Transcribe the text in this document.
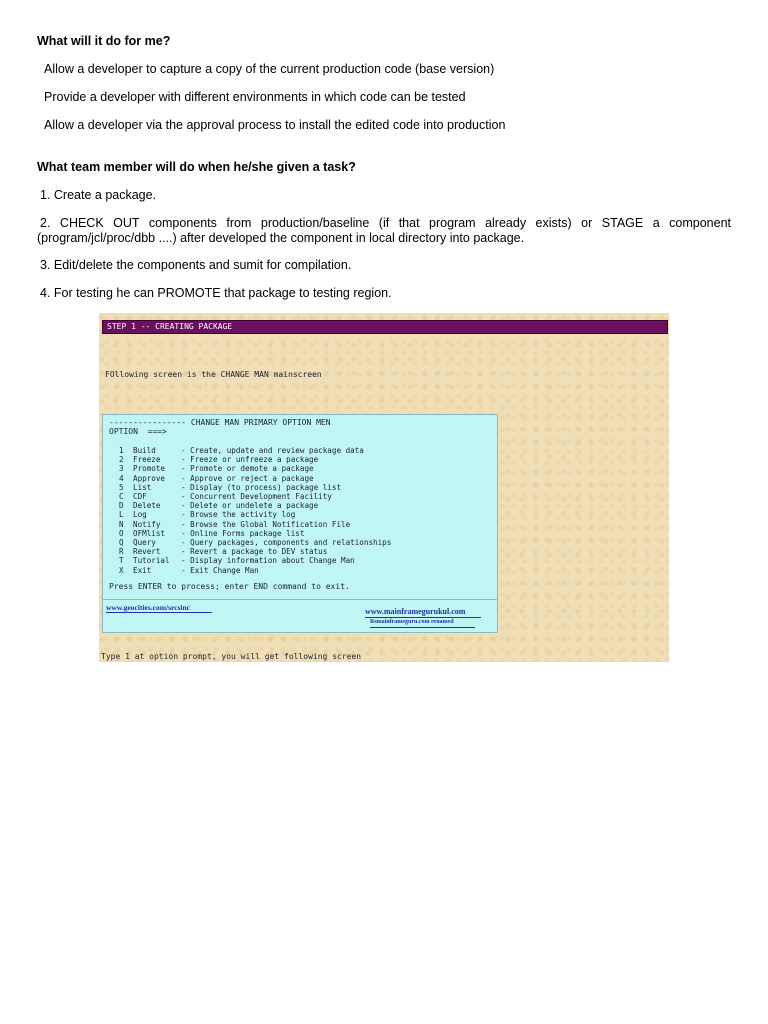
What will it do for me?
Allow a developer to capture a copy of the current production code (base version)
Provide a developer with different environments in which code can be tested
Allow a developer via the approval process to install the edited code into production
What team member will do when he/she given a task?
1. Create a package.
2. CHECK OUT components from production/baseline (if that program already exists) or STAGE a component (program/jcl/proc/dbb ....) after developed the component in local directory into package.
3. Edit/delete the components and sumit for compilation.
4. For testing he can PROMOTE that package to testing region.
STEP 1 -- CREATING PACKAGE
FOllowing screen is the CHANGE MAN mainscreen
---------------- CHANGE MAN PRIMARY OPTION MEN
OPTION  ===>
1	Build	- Create, update and review package data
2	Freeze	- Freeze or unfreeze a package
3	Promote	- Promote or demote a package
4	Approve	- Approve or reject a package
5	List	- Display (to process) package list
C	CDF	- Concurrent Development Facility
D	Delete	- Delete or undelete a package
L	Log	- Browse the activity log
N	Notify	- Browse the Global Notification File
O	OFMlist	- Online Forms package list
Q	Query	- Query packages, components and relationships
R	Revert	- Revert a package to DEV status
T	Tutorial	- Display information about Change Man
X	Exit	- Exit Change Man
Press ENTER to process; enter END command to exit.
www.geocities.com/srcsinc	www.mainframegurukul.com
Rsmainframeguru.com renamed
Type 1 at option prompt, you will get following screen
